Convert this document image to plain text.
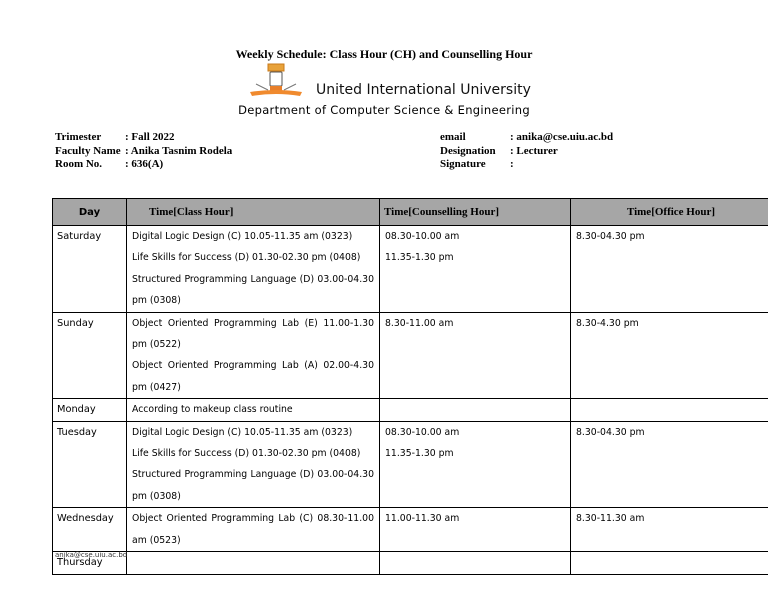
Weekly Schedule: Class Hour (CH) and Counselling Hour
United International University
Department of Computer Science & Engineering
Trimester	: Fall 2022
Faculty Name : Anika Tasnim Rodela
Room No.	: 636(A)
email	: anika@cse.uiu.ac.bd
Designation	: Lecturer
Signature	:
Day	Time[Class Hour]	Time[Counselling Hour]	Time[Office Hour]
Saturday	Digital Logic Design (C) 10.05-11.35 am (0323)
Life Skills for Success (D) 01.30-02.30 pm (0408)
Structured Programming Language (D) 03.00-04.30 pm (0308)	08.30-10.00 am
11.35-1.30 pm	8.30-04.30 pm
Sunday	Object Oriented Programming Lab (E) 11.00-1.30 pm (0522)
Object Oriented Programming Lab (A) 02.00-4.30 pm (0427)	8.30-11.00 am	8.30-4.30 pm
Monday	According to makeup class routine		

Tuesday	Digital Logic Design (C) 10.05-11.35 am (0323)
Life Skills for Success (D) 01.30-02.30 pm (0408)
Structured Programming Language (D) 03.00-04.30 pm (0308)	08.30-10.00 am
11.35-1.30 pm	8.30-04.30 pm
Wednesday	Object Oriented Programming Lab (C) 08.30-11.00 am (0523)	11.00-11.30 am	8.30-11.30 am
Thursday			
anika@cse.uiu.ac.bd
